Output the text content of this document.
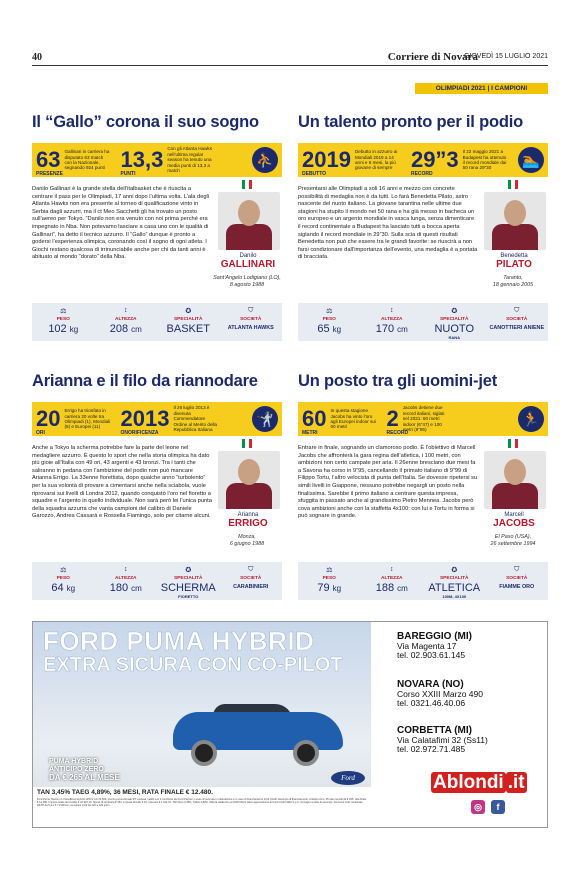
40	Corriere di Novara
GIOVEDÌ 15 LUGLIO 2021
OLIMPIADI 2021 | I CAMPIONI
Il “Gallo” corona il suo sogno
63
PRESENZE
Gallinari in carriera ha disputato 63 match con la Nazionale, segnando 924 punti 13,3
PUNTI
Con gli Atlanta Hawks nell’ultima regular season ha tenuto una media punti di 13,3 a match
⛹
Danilo Gallinari è la grande stella dell’italbasket che è riuscita a centrare il pass per le Olimpiadi, 17 anni dopo l’ultima volta. L’ala degli Atlanta Hawks non era presente al torneo di qualificazione vinto in Serbia dagli azzurri, ma il ct Meo Sacchetti gli ha trovato un posto sull’aereo per Tokyo. “Danilo non era venuto con noi prima perché era impegnato in Nba. Non potevamo lasciare a casa uno con le qualità di Gallinari”, ha detto il tecnico azzurro. Il “Gallo” dunque è pronto a godersi l’esperienza olimpica, coronando così il sogno di ogni atleta. I Giochi restano qualcosa di irrinunciabile anche per chi da tanti anni è abituato al mondo “dorato” della Nba.	Danilo
GALLINARI
Sant’Angelo Lodigiano (LO),
8 agosto 1988
⚖
PESO
102 kg
↕
ALTEZZA
208 cm
✪
SPECIALITÀ
BASKET
⛉
SOCIETÀ
ATLANTA HAWKS
Un talento pronto per il podio
2019
DEBUTTO
Debutto in azzurro ai Mondiali 2019 a 14 anni e 6 mesi, la più giovane di sempre 29”3
RECORD
Il 22 maggio 2021 a Budapest ha ottenuto il record mondiale dai 50 rana 29”30	🏊
Presentarsi alle Olimpiadi a soli 16 anni e mezzo con concrete possibilità di medaglia non è da tutti. Lo farà Benedetta Pilato, astro nascente del nuoto italiano. La giovane tarantina nelle ultime due stagioni ha stupito il mondo nei 50 rana e ha già messo in bacheca un oro europeo e un argento mondiale in vasca lunga, senza dimenticare il record continentale a Budapest ha lasciato tutti a bocca aperta siglando il record mondiale in 29”30. Sulla scia di questi risultati Benedetta non può che essere tra le grandi favorite: se riuscirà a non farsi condizionare dall’importanza dell’evento, una medaglia è a portata di bracciata.	Benedetta
PILATO
Taranto,
18 gennaio 2005
⚖
PESO
65 kg
↕
ALTEZZA
170 cm
✪
SPECIALITÀ
NUOTO
RANA
⛉
SOCIETÀ
CANOTTIERI ANIENE
Arianna e il filo da riannodare
20
ORI
Errigo ha trionfato in carriera 20 volte tra Olimpiadi (1), Mondiali (8) e Europei (11) 2013
ONORIFICENZA
Il 26 luglio 2013 è divenuta Commendatore Ordine al Merito della Repubblica Italiana
🤺
Anche a Tokyo la scherma potrebbe fare la parte del leone nel medagliere azzurro. È questo lo sport che nella storia olimpica ha dato più gioie all’Italia con 49 ori, 43 argenti e 43 bronzi. Tra i tanti che saliranno in pedana con l’ambizione del podio non può mancare Arianna Errigo. La 33enne fiorettista, dopo qualche anno “turbolento” per la sua volontà di provare a cimentarsi anche nella sciabola, vuole riprovarsi sui livelli di Londra 2012, quando conquistò l’oro nel fioretto a squadre e l’argento in quello individuale. Non sarà però lei l’unica punta della squadra azzurra che vanta campioni del calibro di Daniele Garozzo, Andrea Cassarà e Rossella Fiamingo, solo per citarne alcuni.	Arianna
ERRIGO
Monza,
6 giugno 1988
⚖
PESO
64 kg
↕
ALTEZZA
180 cm
✪
SPECIALITÀ
SCHERMA
FIORETTO
⛉
SOCIETÀ
CARABINIERI
Un posto tra gli uomini-jet
60
METRI
In questa stagione Jacobs ha vinto l’oro agli Europei indoor sui 60 metri	2
RECORD
Jacobs detiene due record italiani, siglati nel 2021: 60 metri indoor (6”47) e 100 metri (9”95)
🏃
Entrare in finale, sognando un clamoroso podio. È l’obiettivo di Marcell Jacobs che affronterà la gara regina dell’atletica, i 100 metri, con ambizioni non certo campate per aria. Il 26enne bresciano due mesi fa a Savona ha corso in 9”95, cancellando il primato italiano di 9”99 di Filippo Tortu, l’altro velocista di punta dell’Italia. Se dovesse ripetersi su simili livelli in Giappone, nessuno potrebbe negargli un posto nella finalissima. Sarebbe il primo italiano a centrare questa impresa, sfuggita in passato anche al grandissimo Pietro Mennea. Jacobs però cova ambizioni anche con la staffetta 4x100: con lui e Tortu in forma si può sognare in grande.	Marcell
JACOBS
El Paso (USA),
26 settembre 1994
⚖
PESO
79 kg
↕
ALTEZZA
188 cm
✪
SPECIALITÀ
ATLETICA
100M, 4X100
⛉
SOCIETÀ
FIAMME ORO
FORD PUMA HYBRID
EXTRA SICURA CON CO-PILOT
PUMA HYBRID
ANTICIPO ZERO
DA € 265 AL MESE	Ford
TAN 3,45% TAEG 4,89%, 36 MESI, RATA FINALE € 12.480.
Ford Puma Titanium 1.0 EcoBoost Hybrid 125CV a € 23.500, prezzo promozionale IPT esclusa, valido con il contributo dei Ford Partner in caso di permuta o rottamazione e in caso di finanziamento Ford Credit. Esempio di finanziamento. Anticipo zero, 35 rate mensili da € 265, rata finale € 12.480. Importo totale del credito € 23.997,13. Spese di istruttoria € 350, imposta di bollo € 16, interessi € 1.422,31. TAN fisso 3,45%, TAEG 4,89%. Offerta valida fino al 31/07/2021 salvo approvazione di Ford Credit Italia S.p.A. Immagini a titolo di esempio. Consumi ciclo combinato WLTP da 5,3 a 5,7 l/100 km; emissioni CO2 da 120 a 129 g/km.
BAREGGIO (MI)
Via Magenta 17
tel. 02.903.61.145
NOVARA (NO)
Corso XXIII Marzo 490
tel. 0321.46.40.06
CORBETTA (MI)
Via Calatafimi 32 (Ss11)
tel. 02.972.71.485
Ablondi .it
◎	f
